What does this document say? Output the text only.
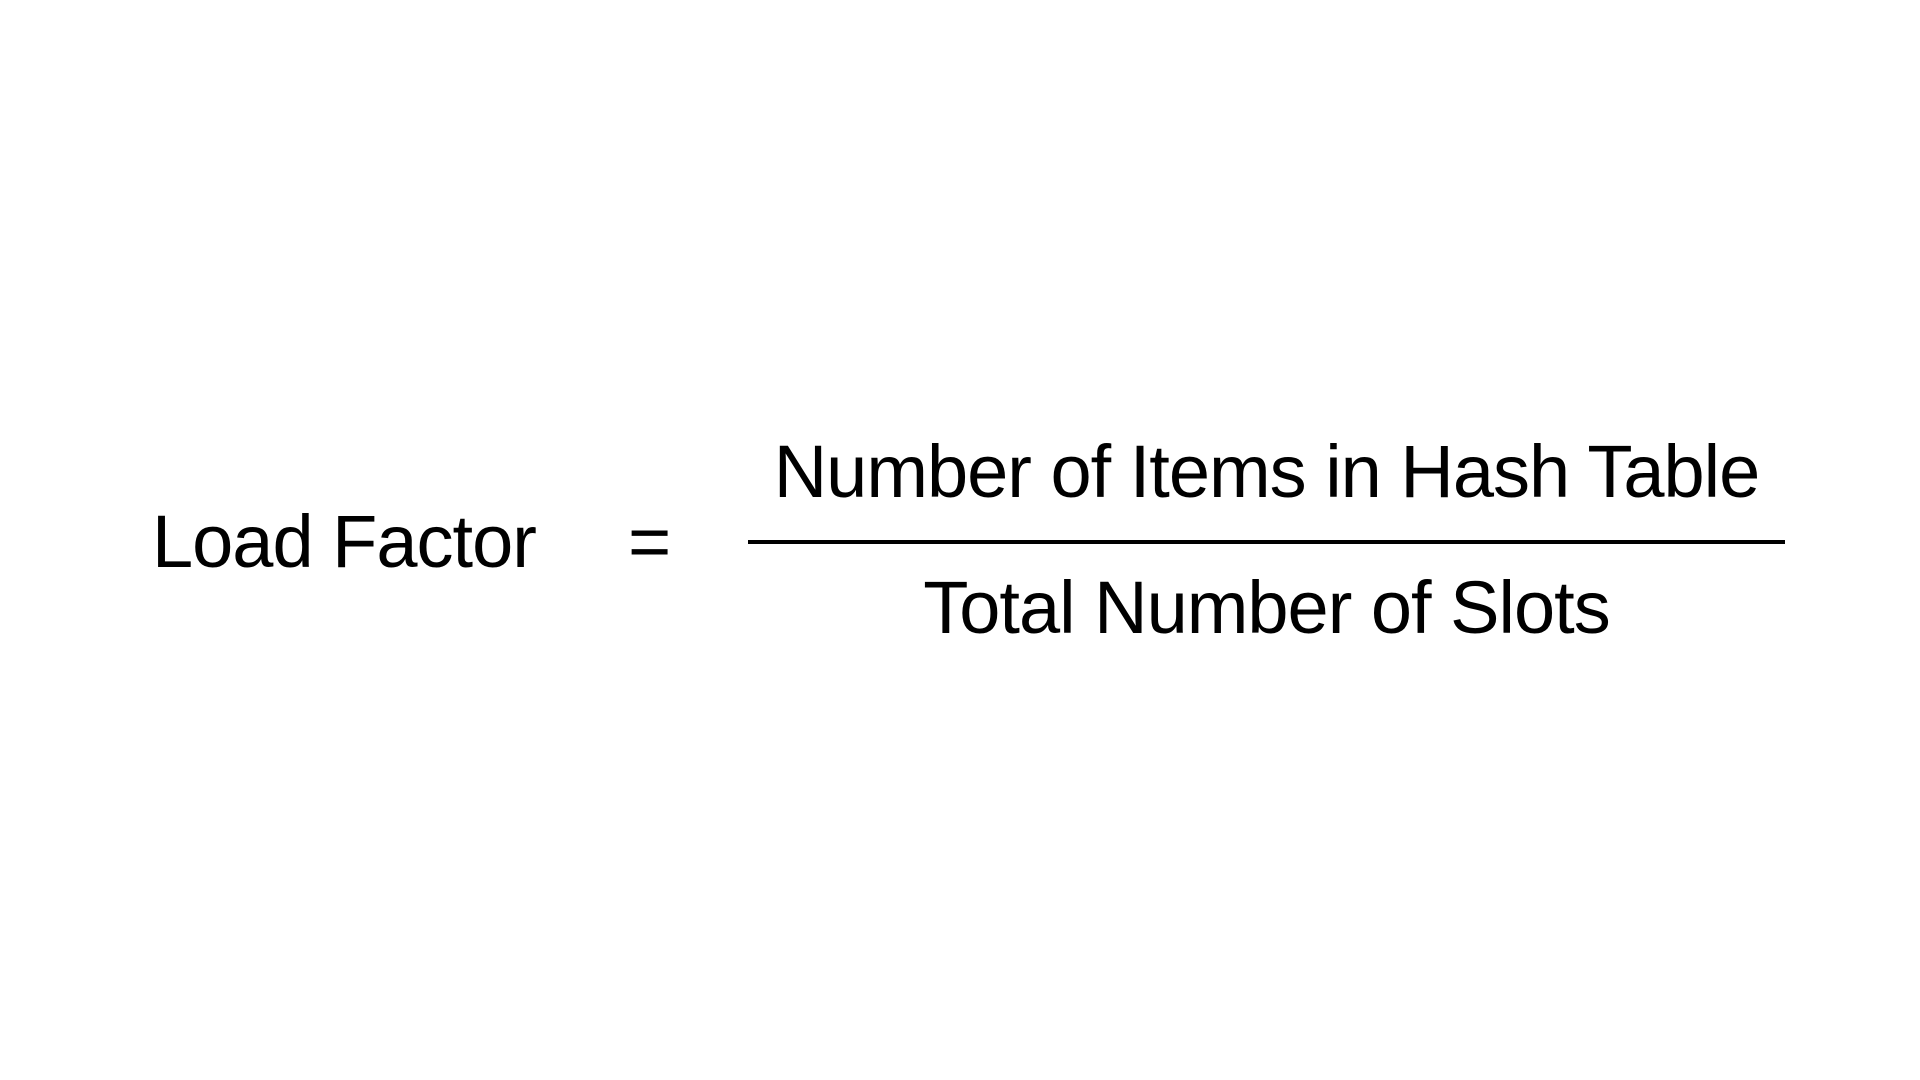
Load Factor =
Number of Items in Hash Table
Total Number of Slots
